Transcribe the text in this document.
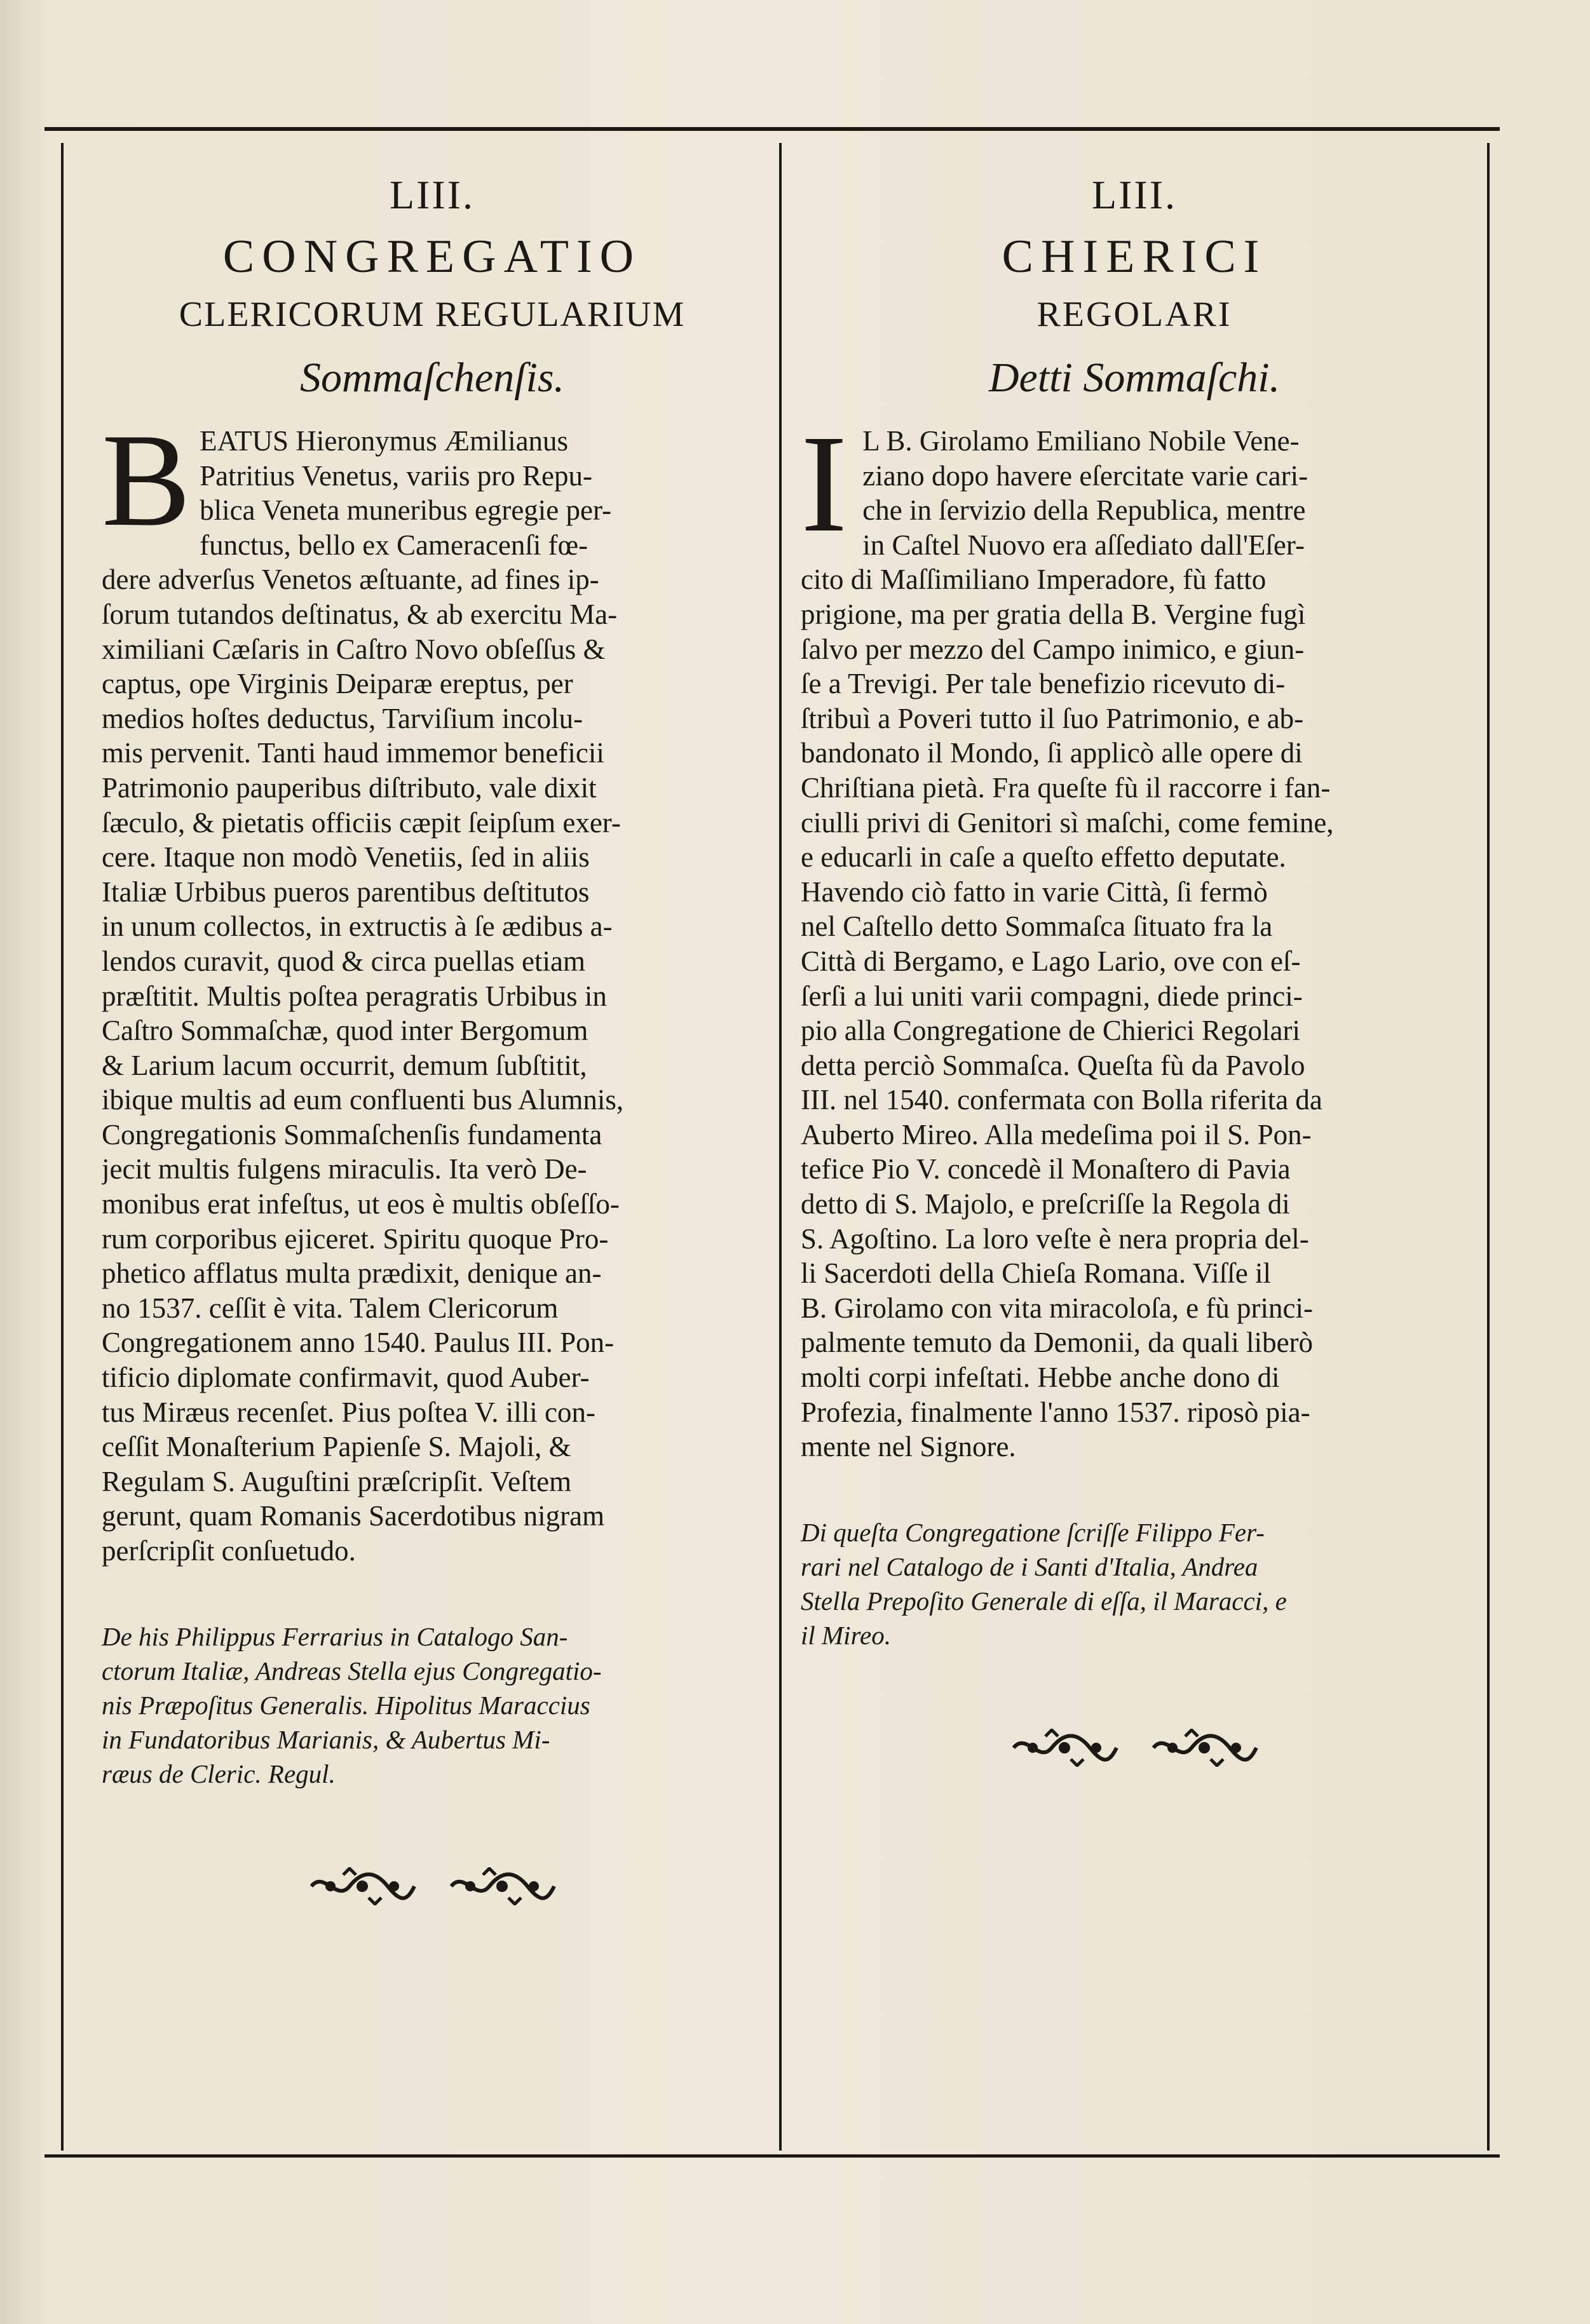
LIII.
CONGREGATIO
CLERICORUM REGULARIUM
Sommaſchenſis.
B EATUS Hieronymus Æmilianus
Patritius Venetus, variis pro Repu-
blica Veneta muneribus egregie per-
functus, bello ex Cameracenſi fœ-
dere adverſus Venetos æſtuante, ad fines ip-
ſorum tutandos deſtinatus, & ab exercitu Ma-
ximiliani Cæſaris in Caſtro Novo obſeſſus &
captus, ope Virginis Deiparæ ereptus, per
medios hoſtes deductus, Tarviſium incolu-
mis pervenit. Tanti haud immemor beneficii
Patrimonio pauperibus diſtributo, vale dixit
ſæculo, & pietatis officiis cæpit ſeipſum exer-
cere. Itaque non modò Venetiis, ſed in aliis
Italiæ Urbibus pueros parentibus deſtitutos
in unum collectos, in extructis à ſe ædibus a-
lendos curavit, quod & circa puellas etiam
præſtitit. Multis poſtea peragratis Urbibus in
Caſtro Sommaſchæ, quod inter Bergomum
& Larium lacum occurrit, demum ſubſtitit,
ibique multis ad eum confluenti bus Alumnis,
Congregationis Sommaſchenſis fundamenta
jecit multis fulgens miraculis. Ita verò De-
monibus erat infeſtus, ut eos è multis obſeſſo-
rum corporibus ejiceret. Spiritu quoque Pro-
phetico afflatus multa prædixit, denique an-
no 1537. ceſſit è vita. Talem Clericorum
Congregationem anno 1540. Paulus III. Pon-
tificio diplomate confirmavit, quod Auber-
tus Miræus recenſet. Pius poſtea V. illi con-
ceſſit Monaſterium Papienſe S. Majoli, &
Regulam S. Auguſtini præſcripſit. Veſtem
gerunt, quam Romanis Sacerdotibus nigram
perſcripſit conſuetudo.
De his Philippus Ferrarius in Catalogo San-
ctorum Italiæ, Andreas Stella ejus Congregatio-
nis Præpoſitus Generalis. Hipolitus Maraccius
in Fundatoribus Marianis, & Aubertus Mi-
ræus de Cleric. Regul.
LIII.
CHIERICI
REGOLARI
Detti Sommaſchi.
I L B. Girolamo Emiliano Nobile Vene-
ziano dopo havere eſercitate varie cari-
che in ſervizio della Republica, mentre
in Caſtel Nuovo era aſſediato dall'Eſer-
cito di Maſſimiliano Imperadore, fù fatto
prigione, ma per gratia della B. Vergine fugì
ſalvo per mezzo del Campo inimico, e giun-
ſe a Trevigi. Per tale benefizio ricevuto di-
ſtribuì a Poveri tutto il ſuo Patrimonio, e ab-
bandonato il Mondo, ſi applicò alle opere di
Chriſtiana pietà. Fra queſte fù il raccorre i fan-
ciulli privi di Genitori sì maſchi, come femine,
e educarli in caſe a queſto effetto deputate.
Havendo ciò fatto in varie Città, ſi fermò
nel Caſtello detto Sommaſca ſituato fra la
Città di Bergamo, e Lago Lario, ove con eſ-
ſerſi a lui uniti varii compagni, diede princi-
pio alla Congregatione de Chierici Regolari
detta perciò Sommaſca. Queſta fù da Pavolo
III. nel 1540. confermata con Bolla riferita da
Auberto Mireo. Alla medeſima poi il S. Pon-
tefice Pio V. concedè il Monaſtero di Pavia
detto di S. Majolo, e preſcriſſe la Regola di
S. Agoſtino. La loro veſte è nera propria del-
li Sacerdoti della Chieſa Romana. Viſſe il
B. Girolamo con vita miracoloſa, e fù princi-
palmente temuto da Demonii, da quali liberò
molti corpi infeſtati. Hebbe anche dono di
Profezia, finalmente l'anno 1537. riposò pia-
mente nel Signore.
Di queſta Congregatione ſcriſſe Filippo Fer-
rari nel Catalogo de i Santi d'Italia, Andrea
Stella Prepoſito Generale di eſſa, il Maracci, e
il Mireo.
